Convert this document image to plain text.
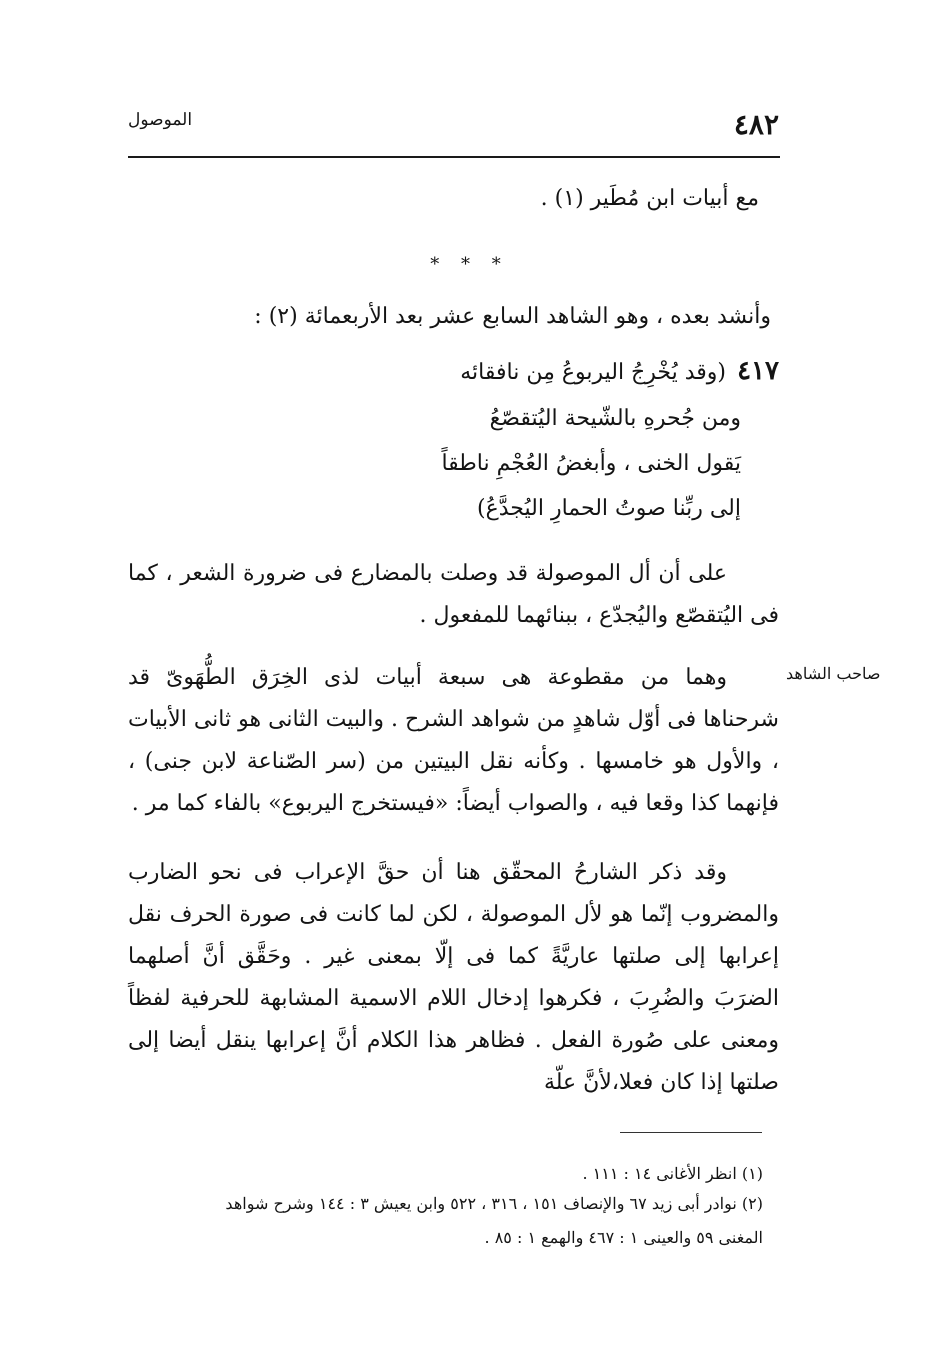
٤٨٢
الموصول
مع أبيات ابن مُطَير (١) .
* * *
وأنشد بعده ، وهو الشاهد السابع عشر بعد الأربعمائة (٢) :
٤١٧ (وقد يُخْرِجُ اليربوعُ مِن نافقائه
ومن جُحرهِ بالشّيحة اليُتقصّعُ
يَقول الخنى ، وأبغضُ العُجْمِ ناطقاً
إلى ربِّنا صوتُ الحمارِ اليُجدَّعُ)
على أن أل الموصولة قد وصلت بالمضارع فى ضرورة الشعر ، كما فى اليُتقصّع واليُجدّع ، ببنائهما للمفعول .
صاحب الشاهد
وهما من مقطوعة هى سبعة أبيات لذى الخِرَق الطُّهَوىّ قد شرحناها فى أوّل شاهدٍ من شواهد الشرح . والبيت الثانى هو ثانى الأبيات ، والأول هو خامسها . وكأنه نقل البيتين من (سر الصّناعة لابن جنى) ، فإنهما كذا وقعا فيه ، والصواب أيضاً: «فيستخرج اليربوع» بالفاء كما مر .
وقد ذكر الشارحُ المحقّق هنا أن حقَّ الإعراب فى نحو الضارب والمضروب إنّما هو لأل الموصولة ، لكن لما كانت فى صورة الحرف نقل إعرابها إلى صلتها عاريَّةً كما فى إلّا بمعنى غير . وحَقَّق أنَّ أصلهما الضرَبَ والضُرِبَ ، فكرهوا إدخال اللام الاسمية المشابهة للحرفية لفظاً ومعنى على صُورة الفعل . فظاهر هذا الكلام أنَّ إعرابها ينقل أيضا إلى صلتها إذا كان فعلا،لأنَّ علّة
(١) انظر الأغانى ١٤ : ١١١ .
(٢) نوادر أبى زيد ٦٧ والإنصاف ١٥١ ، ٣١٦ ، ٥٢٢ وابن يعيش ٣ : ١٤٤ وشرح شواهد
المغنى ٥٩ والعينى ١ : ٤٦٧ والهمع ١ : ٨٥ .
